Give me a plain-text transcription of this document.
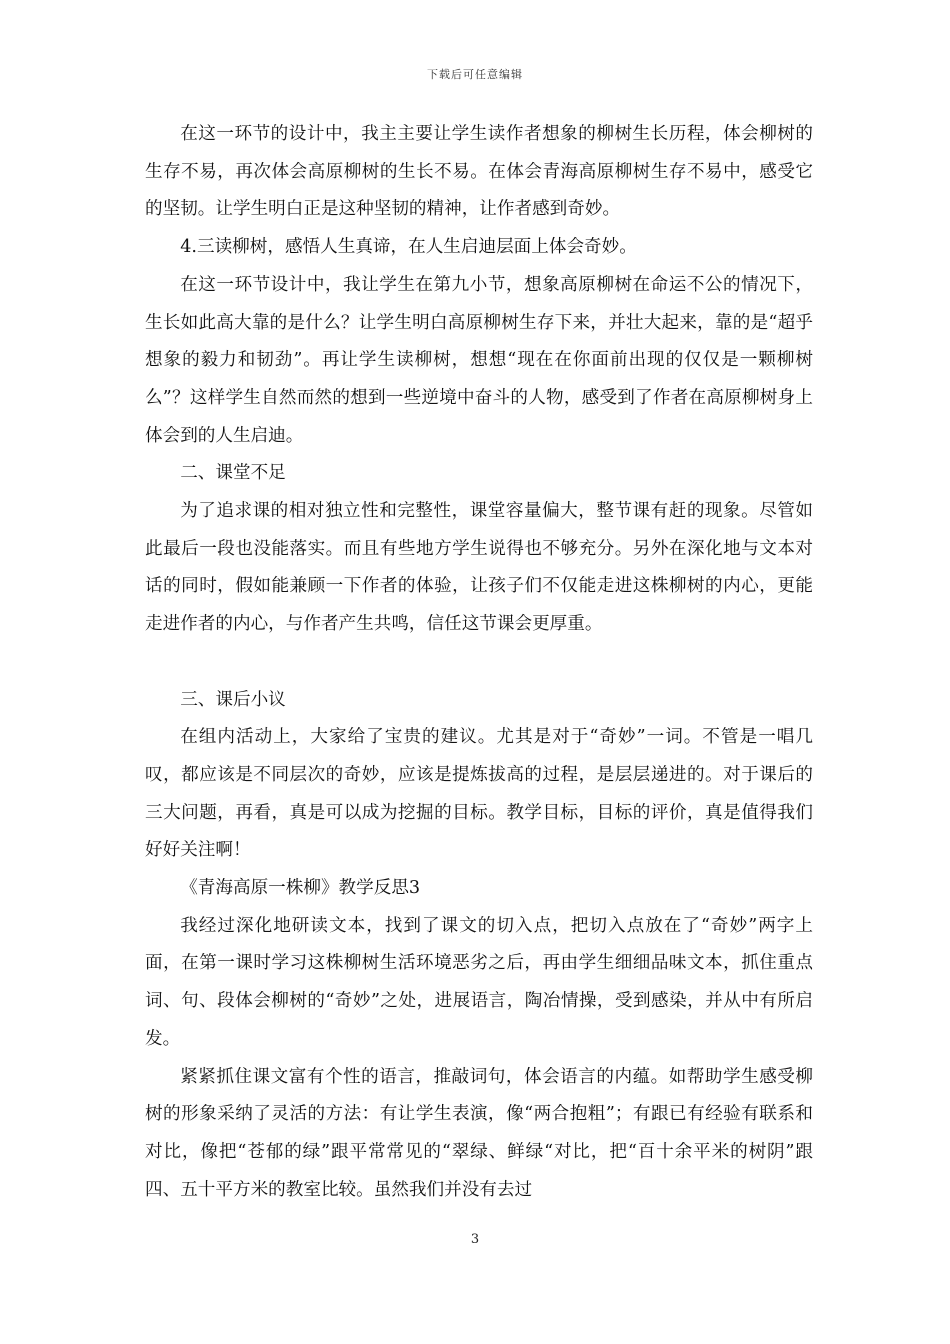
下载后可任意编辑

在这一环节的设计中，我主主要让学生读作者想象的柳树生长历程，体会柳树的生存不易，再次体会高原柳树的生长不易。在体会青海高原柳树生存不易中，感受它的坚韧。让学生明白正是这种坚韧的精神，让作者感到奇妙。

4.三读柳树，感悟人生真谛，在人生启迪层面上体会奇妙。

在这一环节设计中，我让学生在第九小节，想象高原柳树在命运不公的情况下，生长如此高大靠的是什么？让学生明白高原柳树生存下来，并壮大起来，靠的是“超乎想象的毅力和韧劲”。再让学生读柳树，想想“现在在你面前出现的仅仅是一颗柳树么”？这样学生自然而然的想到一些逆境中奋斗的人物，感受到了作者在高原柳树身上体会到的人生启迪。

二、课堂不足

为了追求课的相对独立性和完整性，课堂容量偏大，整节课有赶的现象。尽管如此最后一段也没能落实。而且有些地方学生说得也不够充分。另外在深化地与文本对话的同时，假如能兼顾一下作者的体验，让孩子们不仅能走进这株柳树的内心，更能走进作者的内心，与作者产生共鸣，信任这节课会更厚重。

三、课后小议

在组内活动上，大家给了宝贵的建议。尤其是对于“奇妙”一词。不管是一唱几叹，都应该是不同层次的奇妙，应该是提炼拔高的过程，是层层递进的。对于课后的三大问题，再看，真是可以成为挖掘的目标。教学目标，目标的评价，真是值得我们好好关注啊！

《青海高原一株柳》教学反思3

我经过深化地研读文本，找到了课文的切入点，把切入点放在了“奇妙”两字上面，在第一课时学习这株柳树生活环境恶劣之后，再由学生细细品味文本，抓住重点词、句、段体会柳树的“奇妙”之处，进展语言，陶冶情操，受到感染，并从中有所启发。

紧紧抓住课文富有个性的语言，推敲词句，体会语言的内蕴。如帮助学生感受柳树的形象采纳了灵活的方法：有让学生表演，像“两合抱粗”；有跟已有经验有联系和对比，像把“苍郁的绿”跟平常常见的“翠绿、鲜绿“对比，把“百十余平米的树阴”跟四、五十平方米的教室比较。虽然我们并没有去过

3
